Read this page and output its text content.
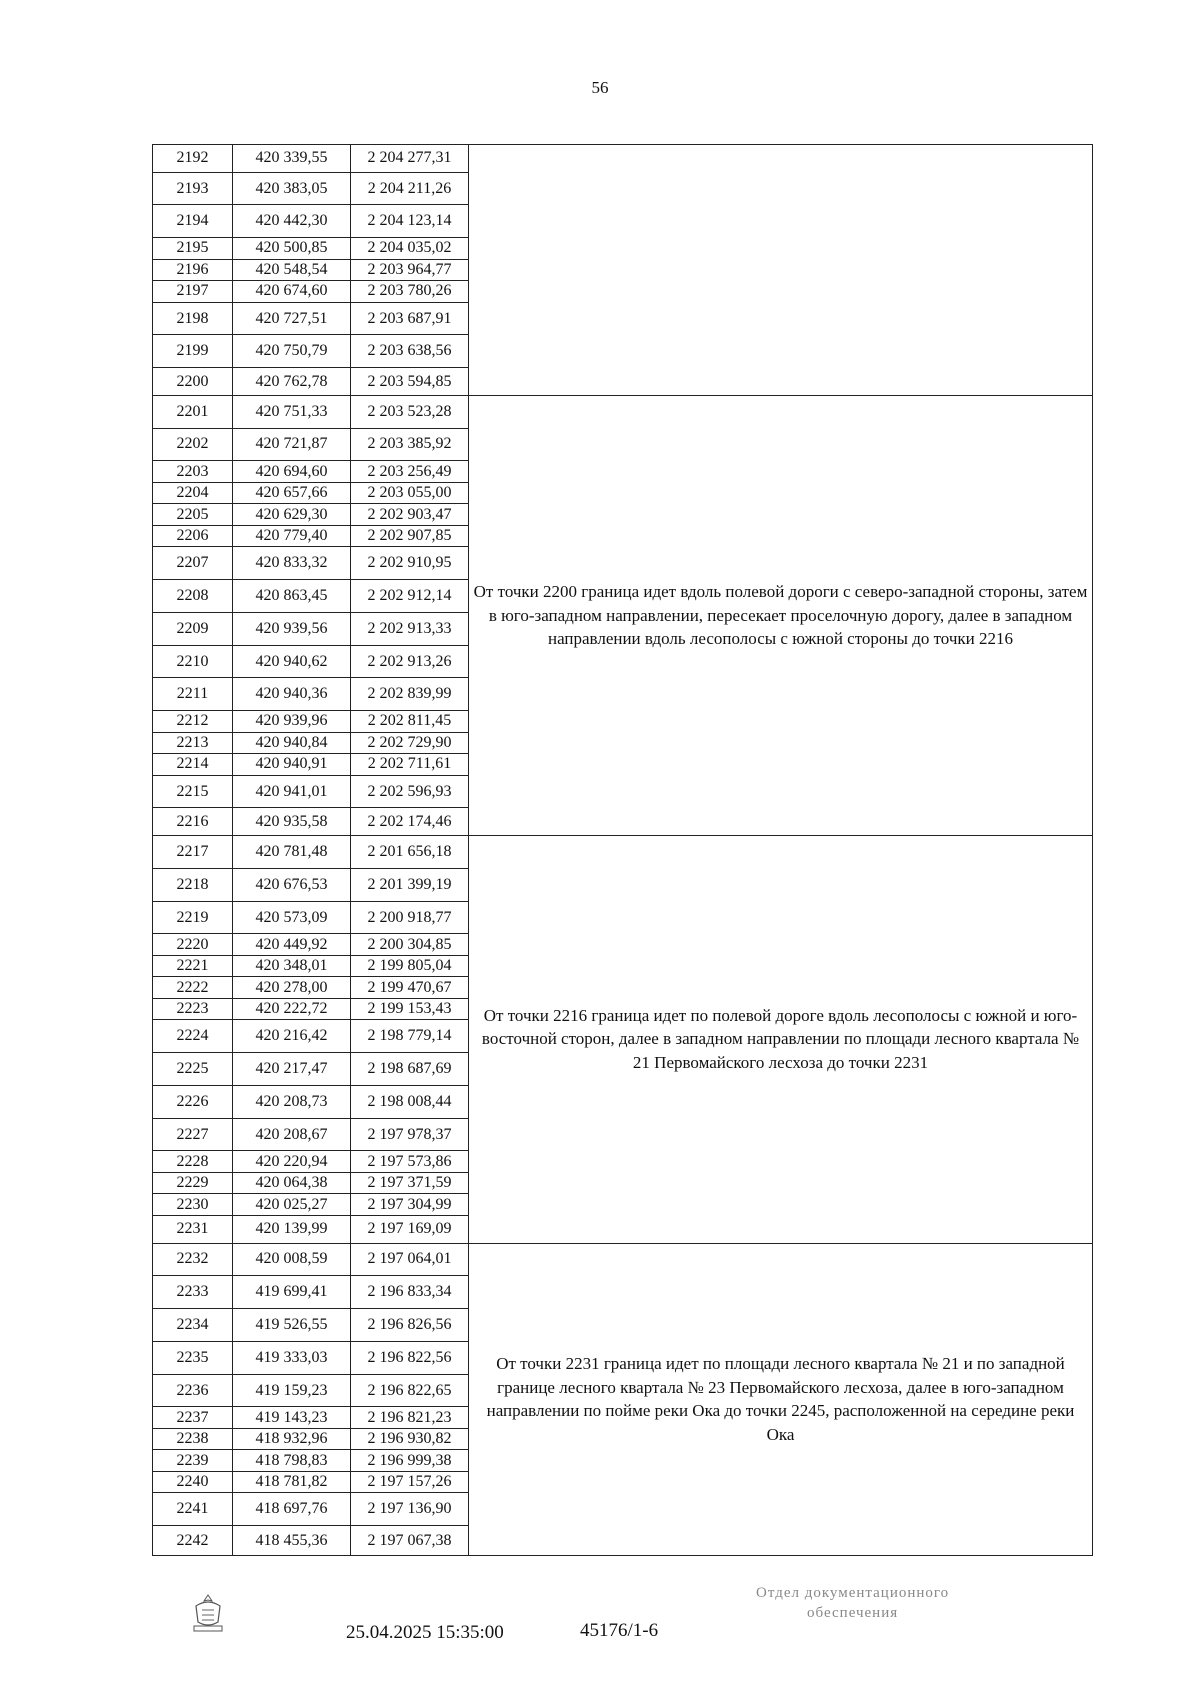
56
2192	420 339,55	2 204 277,31	
2193	420 383,05	2 204 211,26	
2194	420 442,30	2 204 123,14	
2195	420 500,85	2 204 035,02	
2196	420 548,54	2 203 964,77	
2197	420 674,60	2 203 780,26	
2198	420 727,51	2 203 687,91	
2199	420 750,79	2 203 638,56	
2200	420 762,78	2 203 594,85	
2201	420 751,33	2 203 523,28	От точки 2200 граница идет вдоль полевой дороги с северо-западной стороны, затем в юго-западном направлении, пересекает проселочную дорогу, далее в западном направлении вдоль лесополосы с южной стороны до точки 2216
2202	420 721,87	2 203 385,92	
2203	420 694,60	2 203 256,49	
2204	420 657,66	2 203 055,00	
2205	420 629,30	2 202 903,47	
2206	420 779,40	2 202 907,85	
2207	420 833,32	2 202 910,95	
2208	420 863,45	2 202 912,14	
2209	420 939,56	2 202 913,33	
2210	420 940,62	2 202 913,26	
2211	420 940,36	2 202 839,99	
2212	420 939,96	2 202 811,45	
2213	420 940,84	2 202 729,90	
2214	420 940,91	2 202 711,61	
2215	420 941,01	2 202 596,93	
2216	420 935,58	2 202 174,46	
2217	420 781,48	2 201 656,18	От точки 2216 граница идет по полевой дороге вдоль лесополосы с южной и юго-восточной сторон, далее в западном направлении по площади лесного квартала № 21 Первомайского лесхоза до точки 2231
2218	420 676,53	2 201 399,19	
2219	420 573,09	2 200 918,77	
2220	420 449,92	2 200 304,85	
2221	420 348,01	2 199 805,04	
2222	420 278,00	2 199 470,67	
2223	420 222,72	2 199 153,43	
2224	420 216,42	2 198 779,14	
2225	420 217,47	2 198 687,69	
2226	420 208,73	2 198 008,44	
2227	420 208,67	2 197 978,37	
2228	420 220,94	2 197 573,86	
2229	420 064,38	2 197 371,59	
2230	420 025,27	2 197 304,99	
2231	420 139,99	2 197 169,09	
2232	420 008,59	2 197 064,01	От точки 2231 граница идет по площади лесного квартала № 21 и по западной границе лесного квартала № 23 Первомайского лесхоза, далее в юго-западном направлении по пойме реки Ока до точки 2245, расположенной на середине реки Ока
2233	419 699,41	2 196 833,34	
2234	419 526,55	2 196 826,56	
2235	419 333,03	2 196 822,56	
2236	419 159,23	2 196 822,65	
2237	419 143,23	2 196 821,23	
2238	418 932,96	2 196 930,82	
2239	418 798,83	2 196 999,38	
2240	418 781,82	2 197 157,26	
2241	418 697,76	2 197 136,90	
2242	418 455,36	2 197 067,38	
25.04.2025 15:35:00	45176/1-6
Отдел документационного
обеспечения
